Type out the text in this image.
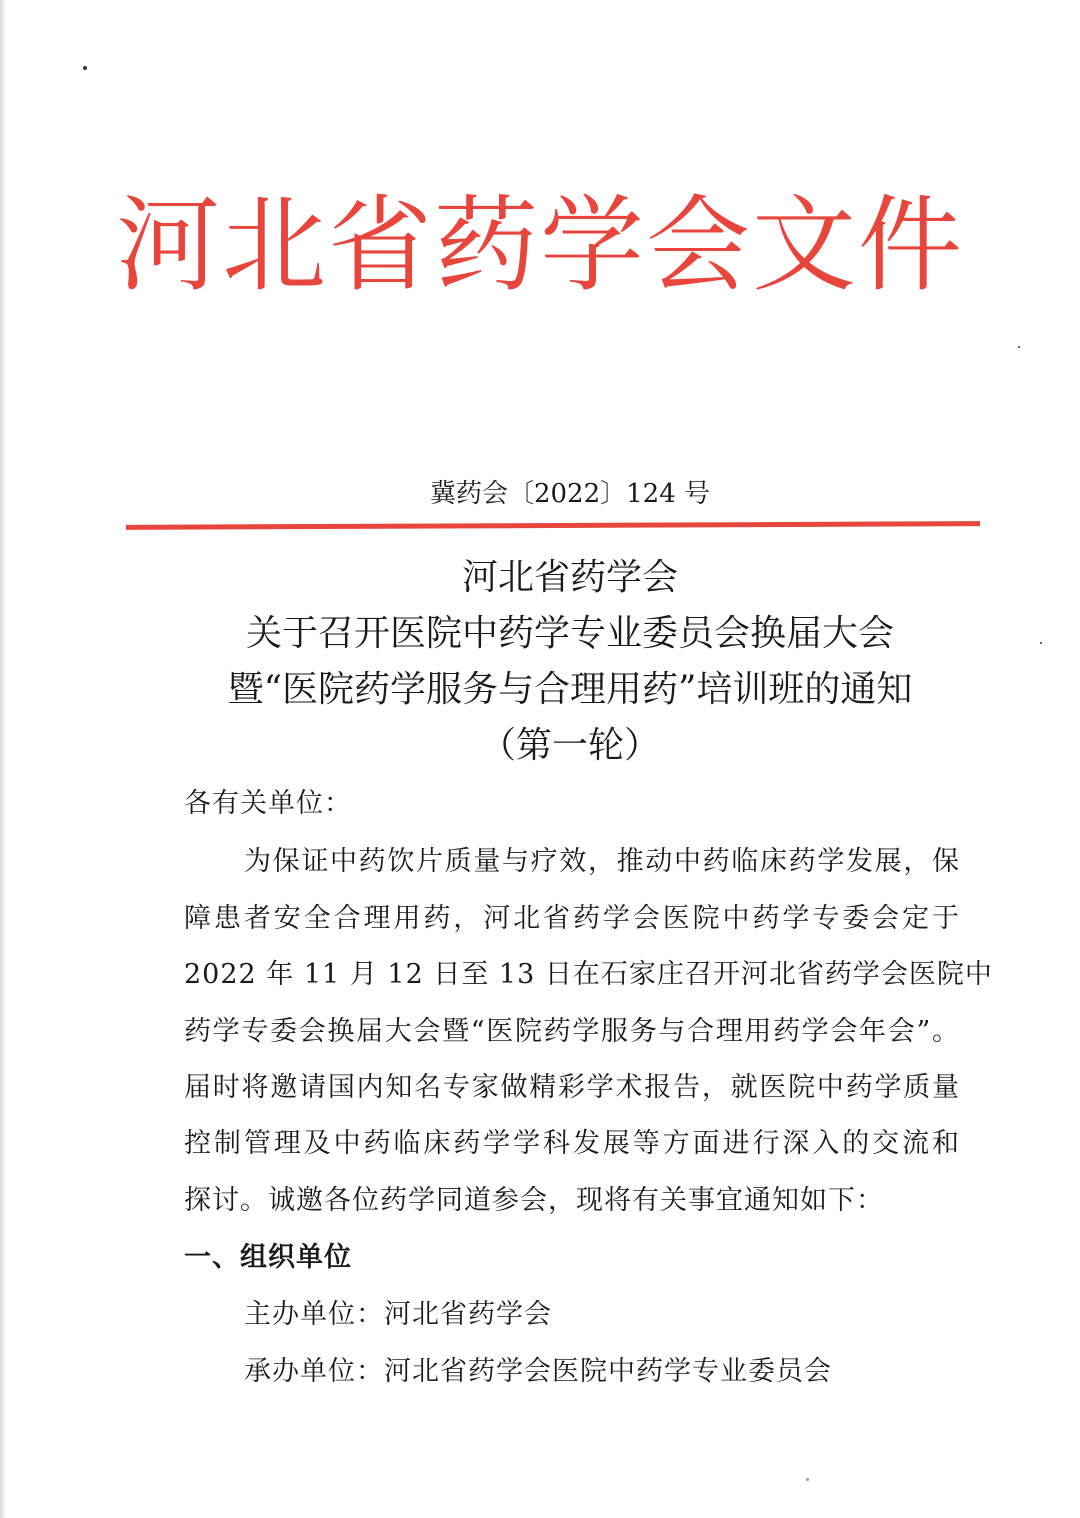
河北省药学会文件
冀药会〔2022〕124 号
河北省药学会
关于召开医院中药学专业委员会换届大会
暨“医院药学服务与合理用药”培训班的通知
（第一轮）
各有关单位：
为保证中药饮片质量与疗效，推动中药临床药学发展，保
障患者安全合理用药，河北省药学会医院中药学专委会定于
2022 年 11 月 12 日至 13 日在石家庄召开河北省药学会医院中
药学专委会换届大会暨“医院药学服务与合理用药学会年会”。
届时将邀请国内知名专家做精彩学术报告，就医院中药学质量
控制管理及中药临床药学学科发展等方面进行深入的交流和
探讨。诚邀各位药学同道参会，现将有关事宜通知如下：
一、组织单位
主办单位：河北省药学会
承办单位：河北省药学会医院中药学专业委员会
